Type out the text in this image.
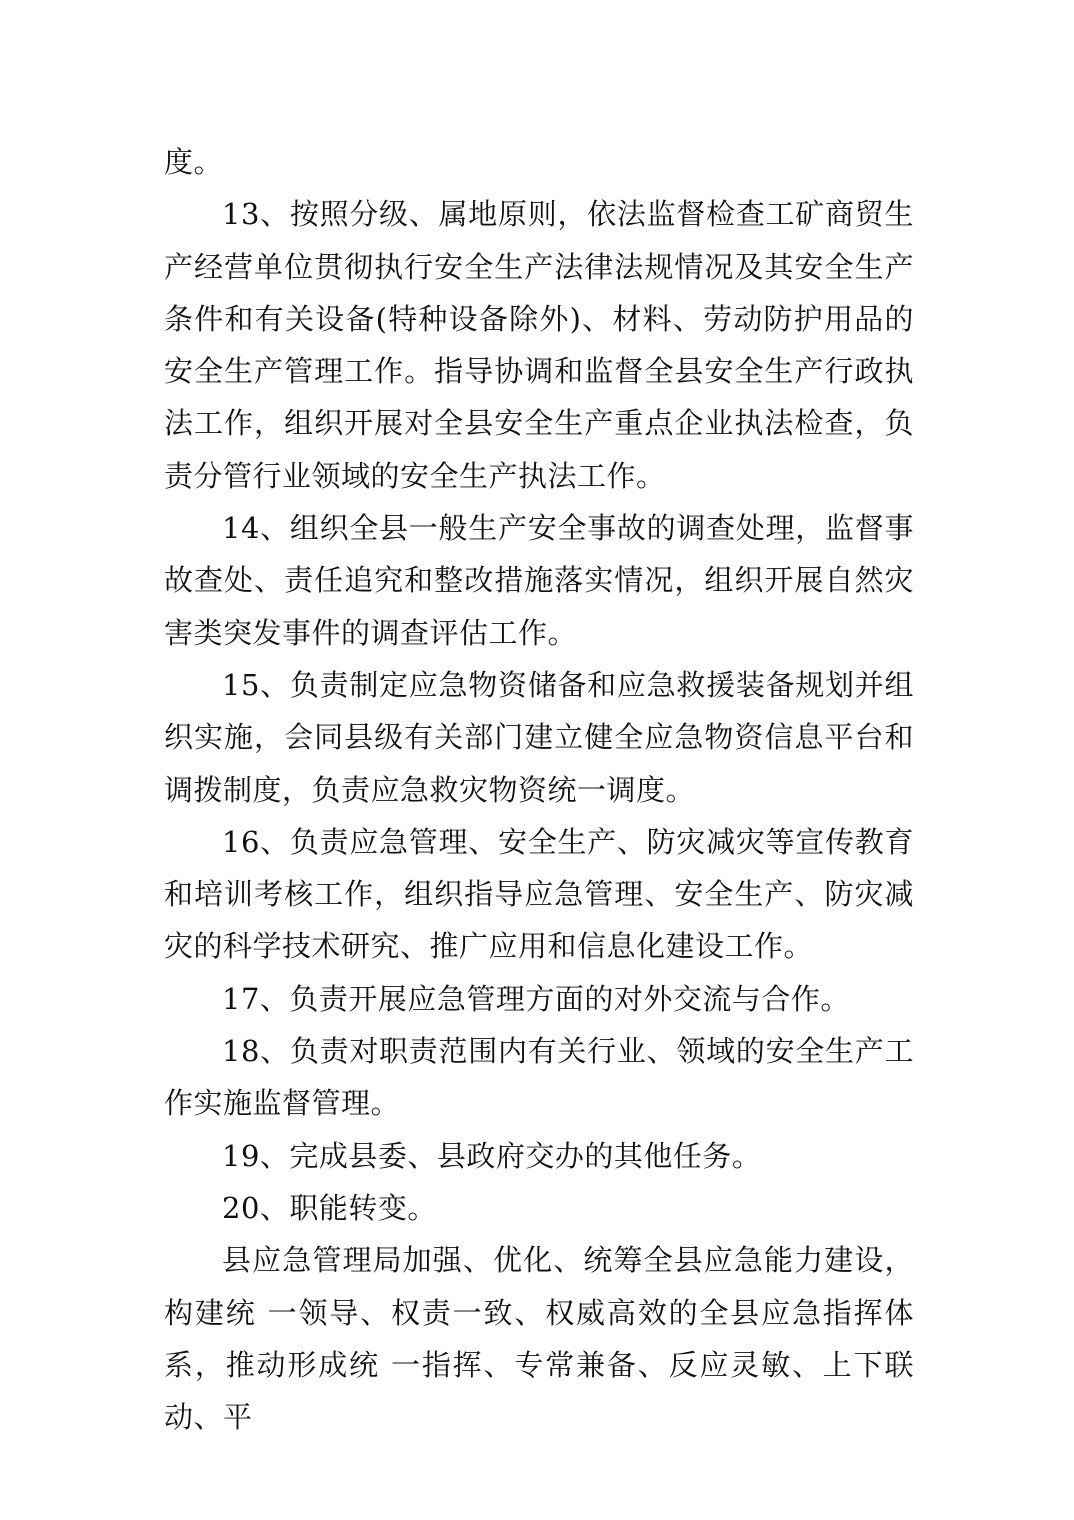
度。

13、按照分级、属地原则，依法监督检查工矿商贸生产经营单位贯彻执行安全生产法律法规情况及其安全生产条件和有关设备(特种设备除外)、材料、劳动防护用品的安全生产管理工作。指导协调和监督全县安全生产行政执法工作，组织开展对全县安全生产重点企业执法检查，负责分管行业领域的安全生产执法工作。

14、组织全县一般生产安全事故的调查处理，监督事故查处、责任追究和整改措施落实情况，组织开展自然灾害类突发事件的调查评估工作。

15、负责制定应急物资储备和应急救援装备规划并组织实施，会同县级有关部门建立健全应急物资信息平台和调拨制度，负责应急救灾物资统一调度。

16、负责应急管理、安全生产、防灾减灾等宣传教育和培训考核工作，组织指导应急管理、安全生产、防灾减灾的科学技术研究、推广应用和信息化建设工作。

17、负责开展应急管理方面的对外交流与合作。

18、负责对职责范围内有关行业、领域的安全生产工作实施监督管理。

19、完成县委、县政府交办的其他任务。

20、职能转变。

县应急管理局加强、优化、统筹全县应急能力建设，构建统 一领导、权责一致、权威高效的全县应急指挥体系，推动形成统 一指挥、专常兼备、反应灵敏、上下联动、平
